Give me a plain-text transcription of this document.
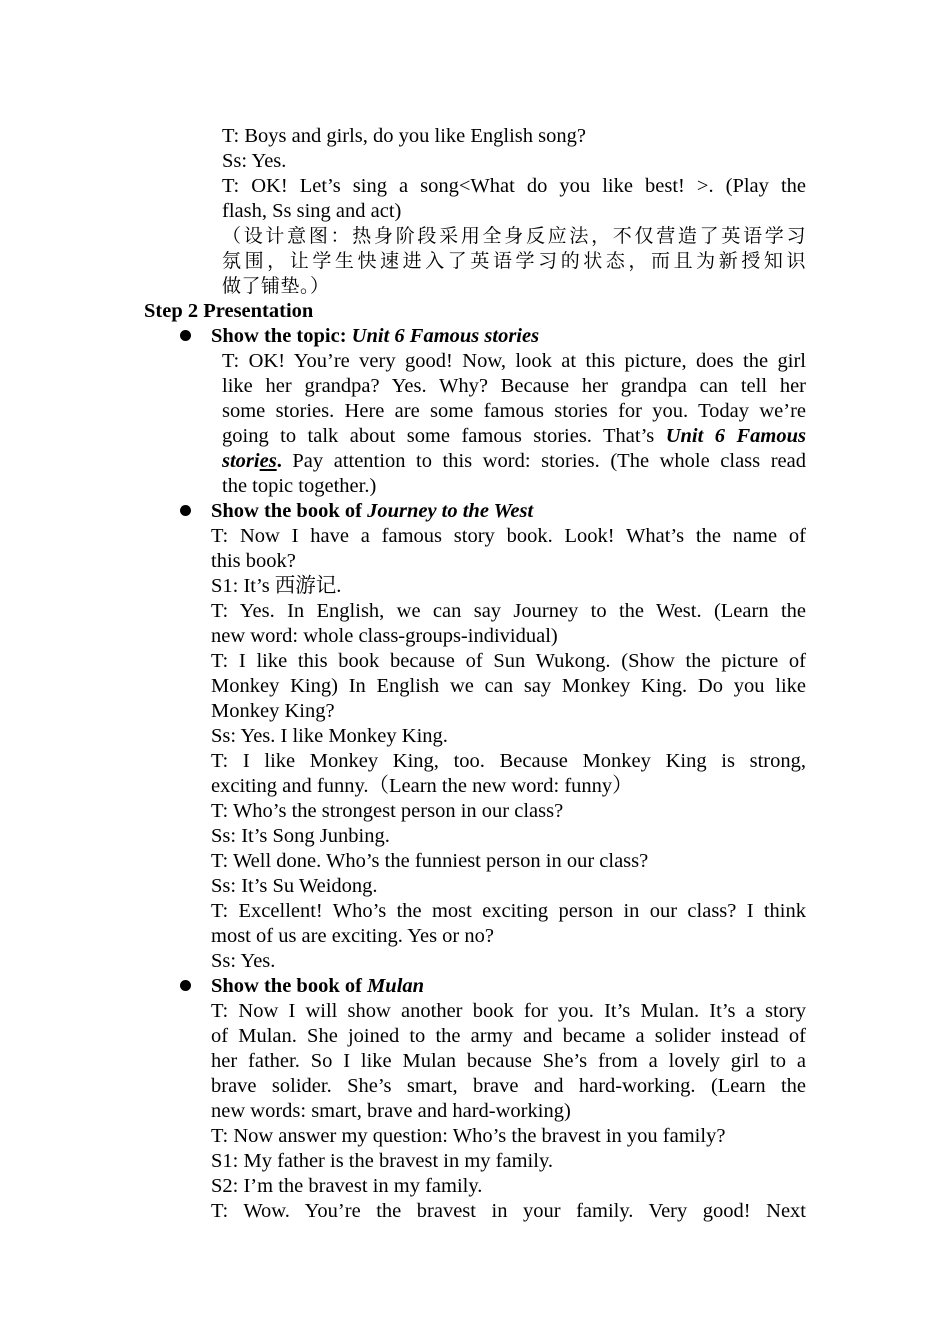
T: Boys and girls, do you like English song?
Ss: Yes.
T: OK! Let’s sing a song<What do you like best! >. (Play the
flash, Ss sing and act)
（设计意图：热身阶段采用全身反应法，不仅营造了英语学习
氛围，让学生快速进入了英语学习的状态，而且为新授知识
做了铺垫。）
Step 2 Presentation
Show the topic: Unit 6 Famous stories
T: OK! You’re very good! Now, look at this picture, does the girl
like her grandpa? Yes. Why? Because her grandpa can tell her
some stories. Here are some famous stories for you. Today we’re
going to talk about some famous stories. That’s Unit 6 Famous
stories. Pay attention to this word: stories. (The whole class read
the topic together.)
Show the book of Journey to the West
T: Now I have a famous story book. Look! What’s the name of
this book?
S1: It’s 西游记.
T: Yes. In English, we can say Journey to the West. (Learn the
new word: whole class-groups-individual)
T: I like this book because of Sun Wukong. (Show the picture of
Monkey King) In English we can say Monkey King. Do you like
Monkey King?
Ss: Yes. I like Monkey King.
T: I like Monkey King, too. Because Monkey King is strong,
exciting and funny.（Learn the new word: funny）
T: Who’s the strongest person in our class?
Ss: It’s Song Junbing.
T: Well done. Who’s the funniest person in our class?
Ss: It’s Su Weidong.
T: Excellent! Who’s the most exciting person in our class? I think
most of us are exciting. Yes or no?
Ss: Yes.
Show the book of Mulan
T: Now I will show another book for you. It’s Mulan. It’s a story
of Mulan. She joined to the army and became a solider instead of
her father. So I like Mulan because She’s from a lovely girl to a
brave solider. She’s smart, brave and hard-working. (Learn the
new words: smart, brave and hard-working)
T: Now answer my question: Who’s the bravest in you family?
S1: My father is the bravest in my family.
S2: I’m the bravest in my family.
T: Wow. You’re the bravest in your family. Very good! Next
